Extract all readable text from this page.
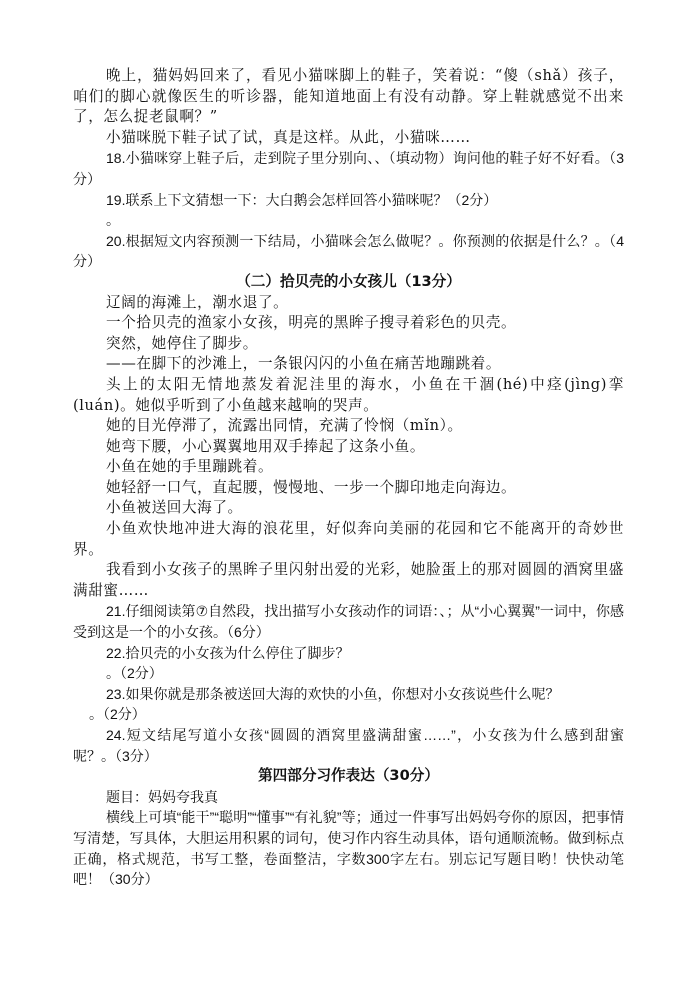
晚上，猫妈妈回来了，看见小猫咪脚上的鞋子，笑着说：“傻（shǎ）孩子，咱们的脚心就像医生的听诊器，能知道地面上有没有动静。穿上鞋就感觉不出来了，怎么捉老鼠啊？”

小猫咪脱下鞋子试了试，真是这样。从此，小猫咪……

18.小猫咪穿上鞋子后，走到院子里分别向、、（填动物）询问他的鞋子好不好看。（3分）

19.联系上下文猜想一下：大白鹅会怎样回答小猫咪呢？（2分）

。

20.根据短文内容预测一下结局，小猫咪会怎么做呢？。你预测的依据是什么？。（4分）

（二）拾贝壳的小女孩儿（13分）

辽阔的海滩上，潮水退了。

一个拾贝壳的渔家小女孩，明亮的黑眸子搜寻着彩色的贝壳。

突然，她停住了脚步。

——在脚下的沙滩上，一条银闪闪的小鱼在痛苦地蹦跳着。

头上的太阳无情地蒸发着泥洼里的海水，小鱼在干涸(hé)中痉(jìng)挛(luán)。她似乎听到了小鱼越来越响的哭声。

她的目光停滞了，流露出同情，充满了怜悯（mǐn）。

她弯下腰，小心翼翼地用双手捧起了这条小鱼。

小鱼在她的手里蹦跳着。

她轻舒一口气，直起腰，慢慢地、一步一个脚印地走向海边。

小鱼被送回大海了。

小鱼欢快地冲进大海的浪花里，好似奔向美丽的花园和它不能离开的奇妙世界。

我看到小女孩子的黑眸子里闪射出爱的光彩，她脸蛋上的那对圆圆的酒窝里盛满甜蜜……

21.仔细阅读第⑦自然段，找出描写小女孩动作的词语：、；从“小心翼翼”一词中，你感受到这是一个的小女孩。（6分）

22.拾贝壳的小女孩为什么停住了脚步？

。（2分）

23.如果你就是那条被送回大海的欢快的小鱼，你想对小女孩说些什么呢？

。（2分）

24.短文结尾写道小女孩“圆圆的酒窝里盛满甜蜜……”，小女孩为什么感到甜蜜呢？。（3分）

第四部分习作表达（30分）

题目：妈妈夸我真

横线上可填“能干”“聪明”“懂事”“有礼貌”等；通过一件事写出妈妈夸你的原因，把事情写清楚，写具体，大胆运用积累的词句，使习作内容生动具体，语句通顺流畅。做到标点正确，格式规范，书写工整，卷面整洁，字数300字左右。别忘记写题目哟！快快动笔吧！（30分）
